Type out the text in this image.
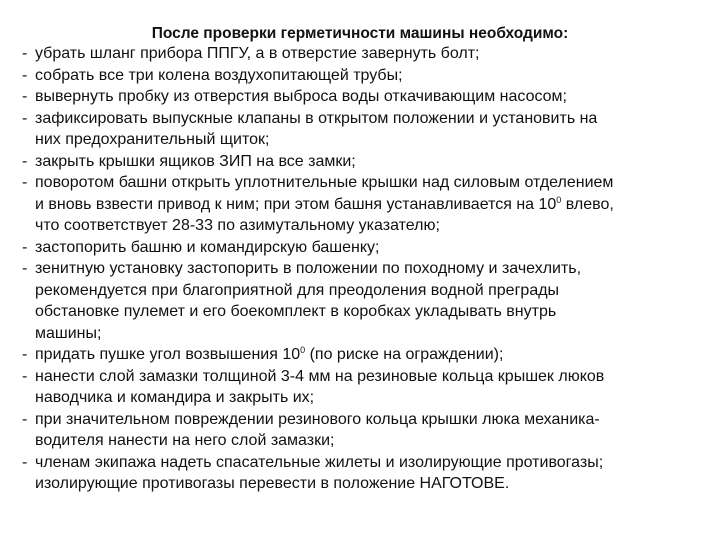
После проверки герметичности машины необходимо:
- убрать шланг прибора ППГУ, а в отверстие завернуть болт;
- собрать все три колена воздухопитающей трубы;
- вывернуть пробку из отверстия выброса воды откачивающим насосом;
- зафиксировать выпускные клапаны в открытом положении и установить на
них предохранительный щиток;
- закрыть крышки ящиков ЗИП на все замки;
- поворотом башни открыть уплотнительные крышки над силовым отделением
и вновь взвести привод к ним; при этом башня устанавливается на $10^0$ влево,
что соответствует 28-33 по азимутальному указателю;
- застопорить башню и командирскую башенку;
- зенитную установку застопорить в положении по походному и зачехлить,
рекомендуется при благоприятной для преодоления водной преграды
обстановке пулемет и его боекомплект в коробках укладывать внутрь
машины;
- придать пушке угол возвышения $10^0$ (по риске на ограждении);
- нанести слой замазки толщиной 3-4 мм на резиновые кольца крышек люков
наводчика и командира и закрыть их;
- при значительном повреждении резинового кольца крышки люка механика-
водителя нанести на него слой замазки;
- членам экипажа надеть спасательные жилеты и изолирующие противогазы;
изолирующие противогазы перевести в положение НАГОТОВЕ.
